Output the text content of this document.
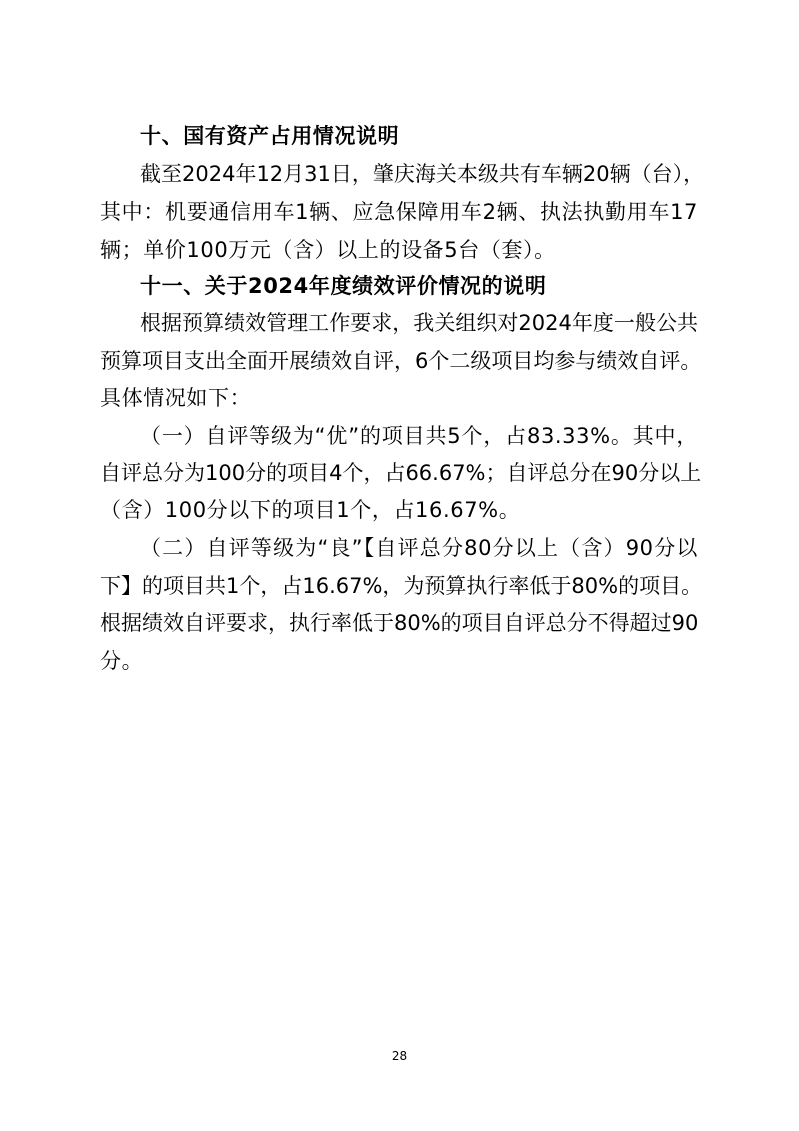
十、国有资产占用情况说明
截至2024年12月31日，肇庆海关本级共有车辆20辆（台），
其中：机要通信用车1辆、应急保障用车2辆、执法执勤用车17
辆；单价100万元（含）以上的设备5台（套）。
十一、关于2024年度绩效评价情况的说明
根据预算绩效管理工作要求，我关组织对2024年度一般公共
预算项目支出全面开展绩效自评，6个二级项目均参与绩效自评。
具体情况如下：
（一）自评等级为“优”的项目共5个，占83.33%。其中，
自评总分为100分的项目4个，占66.67%；自评总分在90分以上
（含）100分以下的项目1个，占16.67%。
（二）自评等级为“良”【自评总分80分以上（含）90分以
下】的项目共1个，占16.67%，为预算执行率低于80%的项目。
根据绩效自评要求，执行率低于80%的项目自评总分不得超过90
分。
28
